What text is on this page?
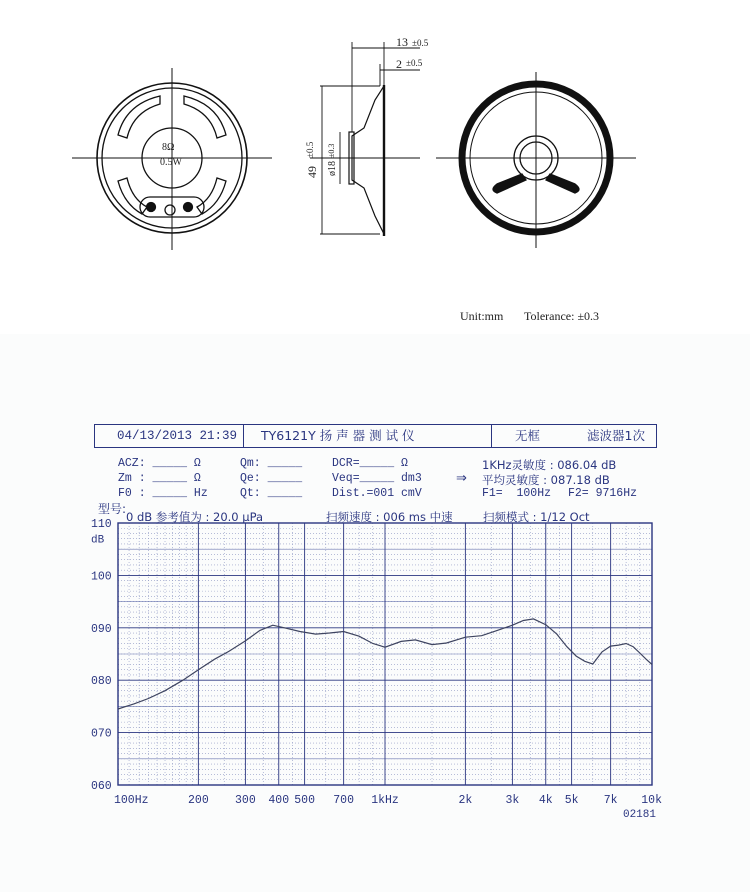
8Ω
0.5W
13 ±0.5
2 ±0.5
49
±0.5
ø18
±0.3
Unit:mm Tolerance: ±0.3
04/13/2013 21:39 TY6121Y 扬 声 器 测 试 仪	无框	滤波器1次
ACZ: _____ Ω
Zm : _____ Ω
F0 : _____ Hz
Qm: _____
Qe: _____
Qt: _____
DCR=_____ Ω
Veq=_____ dm3
Dist.=001 cmV
⇒
1KHz灵敏度 : 086.04 dB
平均灵敏度 : 087.18 dB
F1=  100Hz F2= 9716Hz
型号:
0 dB 参考值为 : 20.0 μPa	扫频速度 : 006 ms 中速	扫频模式 : 1/12 Oct
110
100
090
080
070
060
100Hz	200 300 400 500 700 1kHz	2k	3k 4k 5k 7k 10k
dB
02181
